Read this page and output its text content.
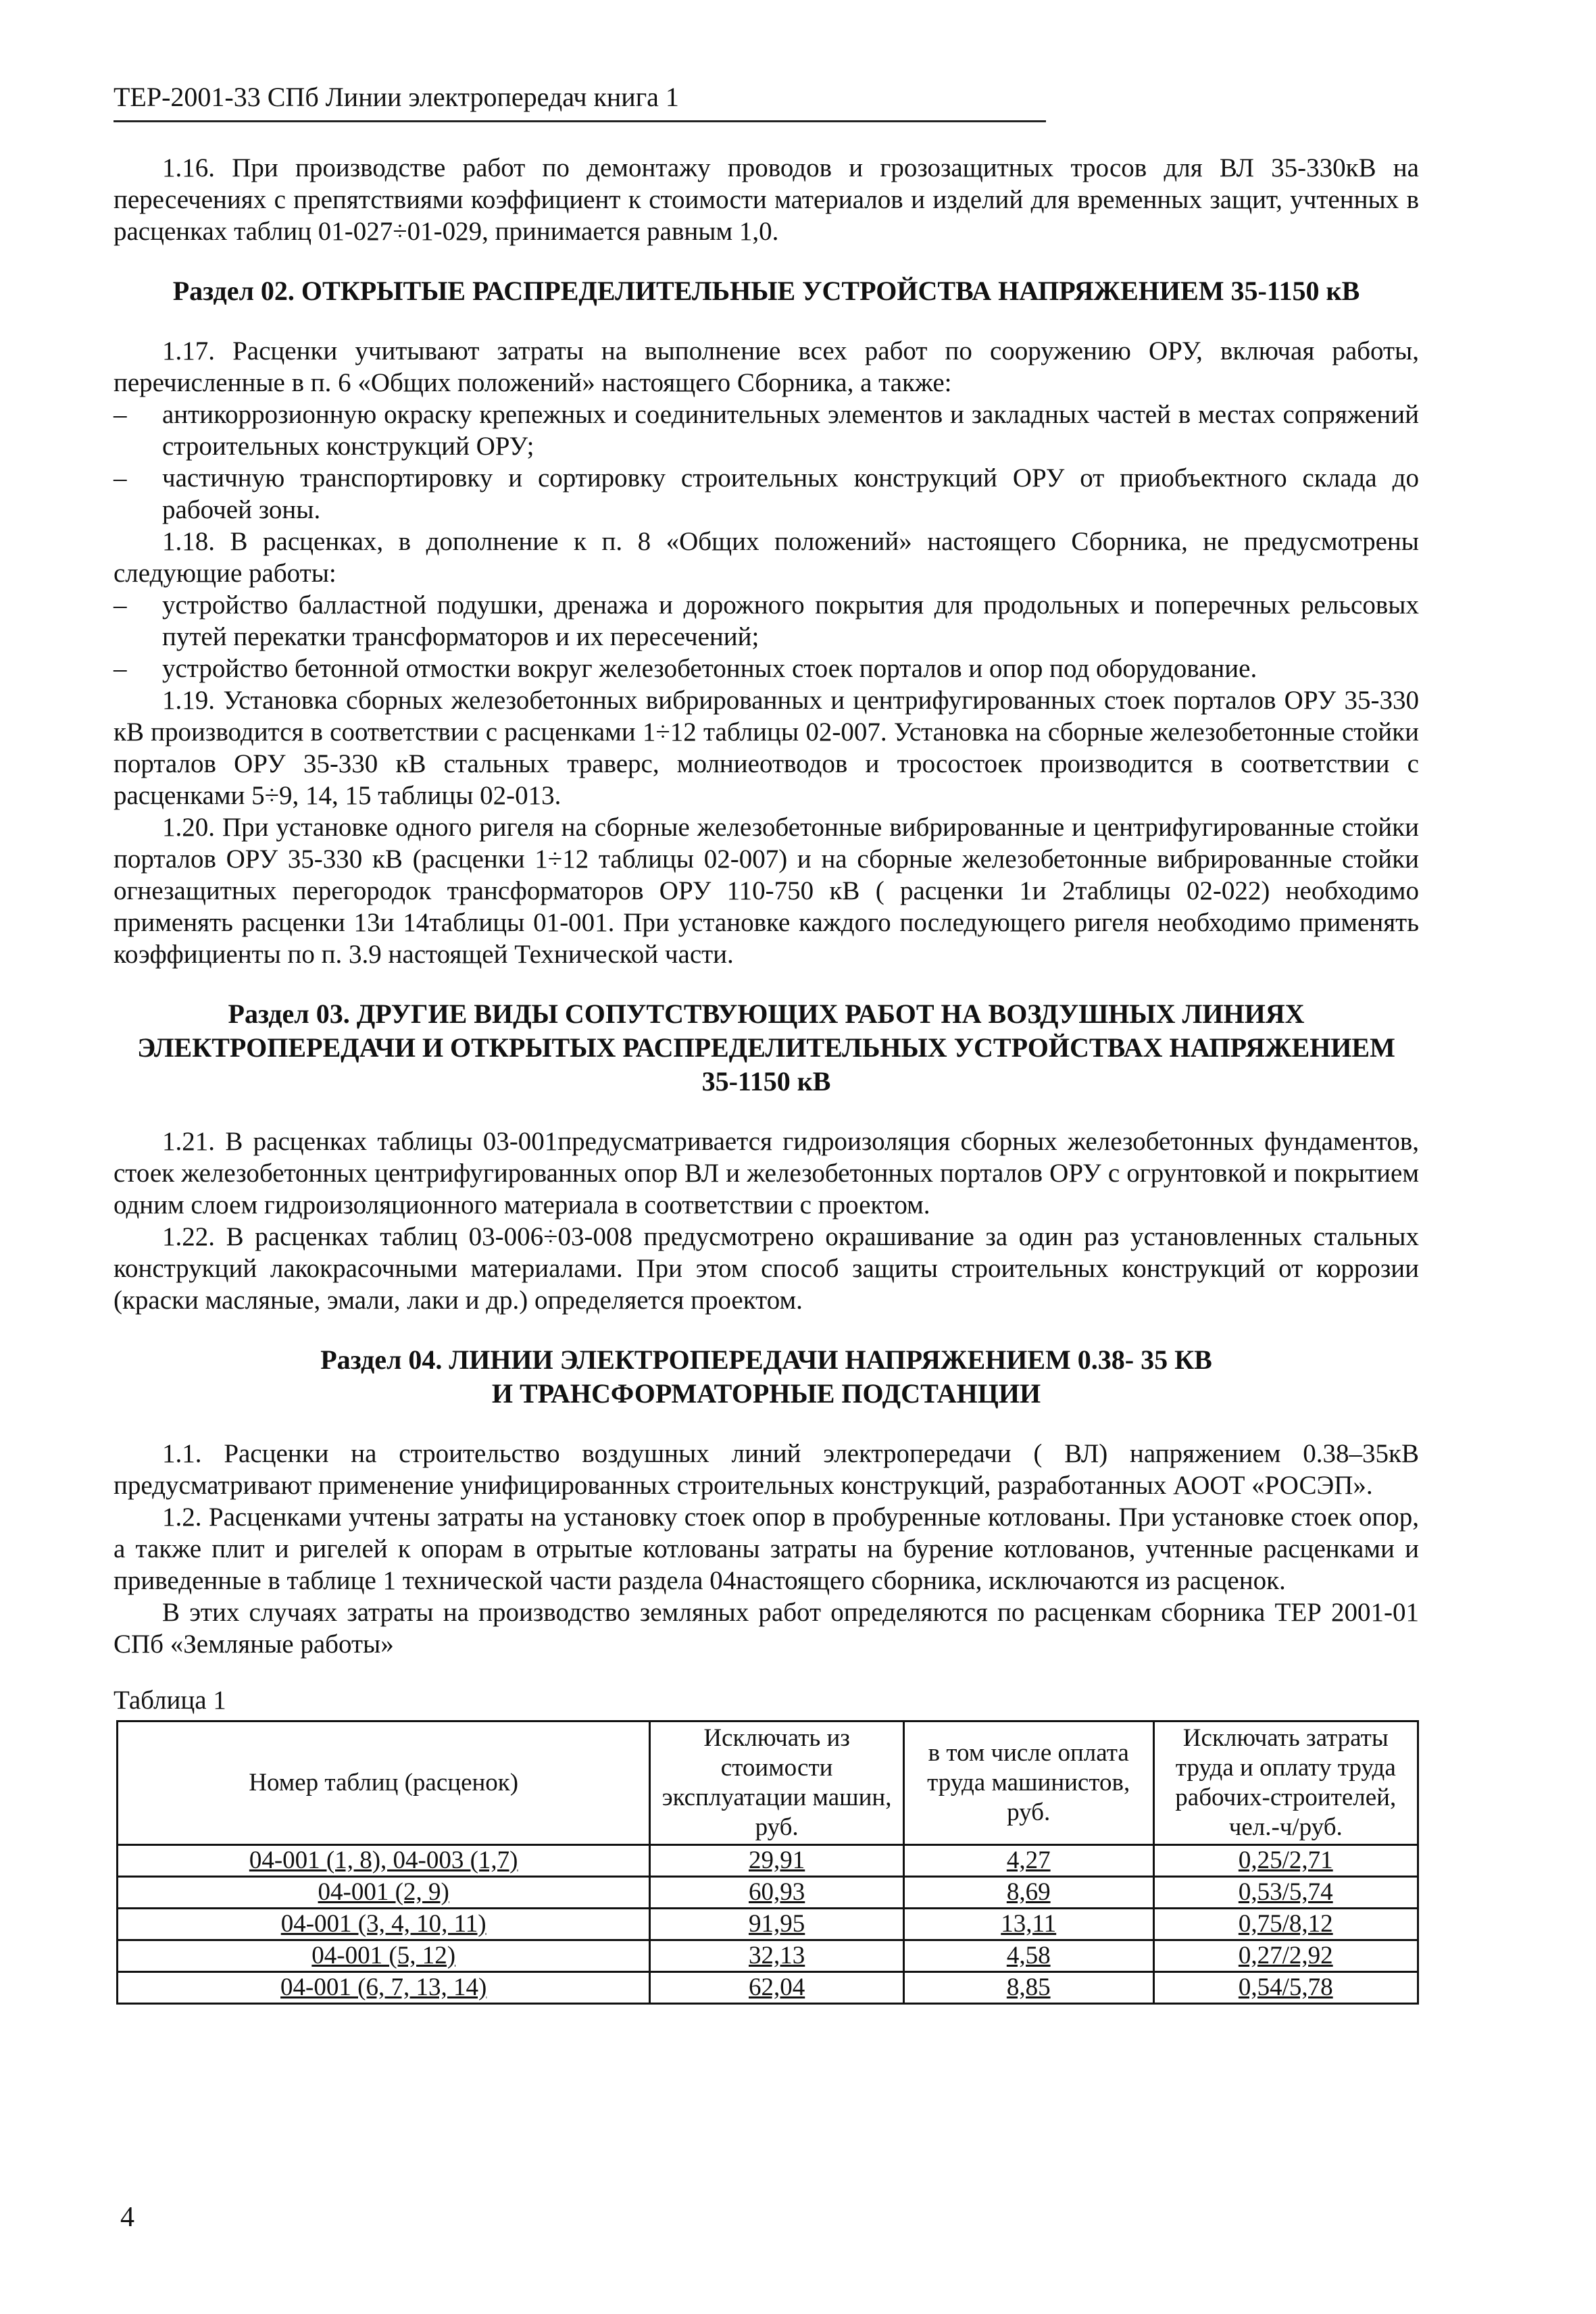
ТЕР-2001-33 СПб Линии электропередач книга 1

1.16. При производстве работ по демонтажу проводов и грозозащитных тросов для ВЛ 35-330кВ на пересечениях с препятствиями коэффициент к стоимости материалов и изделий для временных защит, учтенных в расценках таблиц 01-027÷01-029, принимается равным 1,0.

Раздел 02. ОТКРЫТЫЕ РАСПРЕДЕЛИТЕЛЬНЫЕ УСТРОЙСТВА НАПРЯЖЕНИЕМ 35-1150 кВ

1.17. Расценки учитывают затраты на выполнение всех работ по сооружению ОРУ, включая работы, перечисленные в п. 6 «Общих положений» настоящего Сборника, а также:

–	антикоррозионную окраску крепежных и соединительных элементов и закладных частей в местах сопряжений строительных конструкций ОРУ;
–	частичную транспортировку и сортировку строительных конструкций ОРУ от приобъектного склада до рабочей зоны.

1.18. В расценках, в дополнение к п. 8 «Общих положений» настоящего Сборника, не предусмотрены следующие работы:

–	устройство балластной подушки, дренажа и дорожного покрытия для продольных и поперечных рельсовых путей перекатки трансформаторов и их пересечений;
–	устройство бетонной отмостки вокруг железобетонных стоек порталов и опор под оборудование.

1.19. Установка сборных железобетонных вибрированных и центрифугированных стоек порталов ОРУ 35-330 кВ производится в соответствии с расценками 1÷12 таблицы 02-007. Установка на сборные железобетонные стойки порталов ОРУ 35-330 кВ стальных траверс, молниеотводов и тросостоек производится в соответствии с расценками 5÷9, 14, 15 таблицы 02-013.

1.20. При установке одного ригеля на сборные железобетонные вибрированные и центрифугированные стойки порталов ОРУ 35-330 кВ (расценки 1÷12 таблицы 02-007) и на сборные железобетонные вибрированные стойки огнезащитных перегородок трансформаторов ОРУ 110-750 кВ ( расценки 1и 2таблицы 02-022) необходимо применять расценки 13и 14таблицы 01-001. При установке каждого последующего ригеля необходимо применять коэффициенты по п. 3.9 настоящей Технической части.

Раздел 03. ДРУГИЕ ВИДЫ СОПУТСТВУЮЩИХ РАБОТ НА ВОЗДУШНЫХ ЛИНИЯХ
ЭЛЕКТРОПЕРЕДАЧИ И ОТКРЫТЫХ РАСПРЕДЕЛИТЕЛЬНЫХ УСТРОЙСТВАХ НАПРЯЖЕНИЕМ
35-1150 кВ

1.21. В расценках таблицы 03-001предусматривается гидроизоляция сборных железобетонных фундаментов, стоек железобетонных центрифугированных опор ВЛ и железобетонных порталов ОРУ с огрунтовкой и покрытием одним слоем гидроизоляционного материала в соответствии с проектом.

1.22. В расценках таблиц 03-006÷03-008 предусмотрено окрашивание за один раз установленных стальных конструкций лакокрасочными материалами. При этом способ защиты строительных конструкций от коррозии (краски масляные, эмали, лаки и др.) определяется проектом.

Раздел 04. ЛИНИИ ЭЛЕКТРОПЕРЕДАЧИ НАПРЯЖЕНИЕМ 0.38- 35 КВ
И ТРАНСФОРМАТОРНЫЕ ПОДСТАНЦИИ

1.1. Расценки на строительство воздушных линий электропередачи ( ВЛ) напряжением 0.38–35кВ предусматривают применение унифицированных строительных конструкций, разработанных АООТ «РОСЭП».

1.2. Расценками учтены затраты на установку стоек опор в пробуренные котлованы. При установке стоек опор, а также плит и ригелей к опорам в отрытые котлованы затраты на бурение котлованов, учтенные расценками и приведенные в таблице 1 технической части раздела 04настоящего сборника, исключаются из расценок.

В этих случаях затраты на производство земляных работ определяются по расценкам сборника ТЕР 2001-01 СПб «Земляные работы»

Таблица 1

Номер таблиц (расценок)	Исключать из стоимости эксплуатации машин, руб.	в том числе оплата труда машинистов, руб.	Исключать затраты труда и оплату труда рабочих-строителей, чел.-ч/руб.
04-001 (1, 8), 04-003 (1,7)	29,91	4,27	0,25/2,71
04-001 (2, 9)	60,93	8,69	0,53/5,74
04-001 (3, 4, 10, 11)	91,95	13,11	0,75/8,12
04-001 (5, 12)	32,13	4,58	0,27/2,92
04-001 (6, 7, 13, 14)	62,04	8,85	0,54/5,78
4
